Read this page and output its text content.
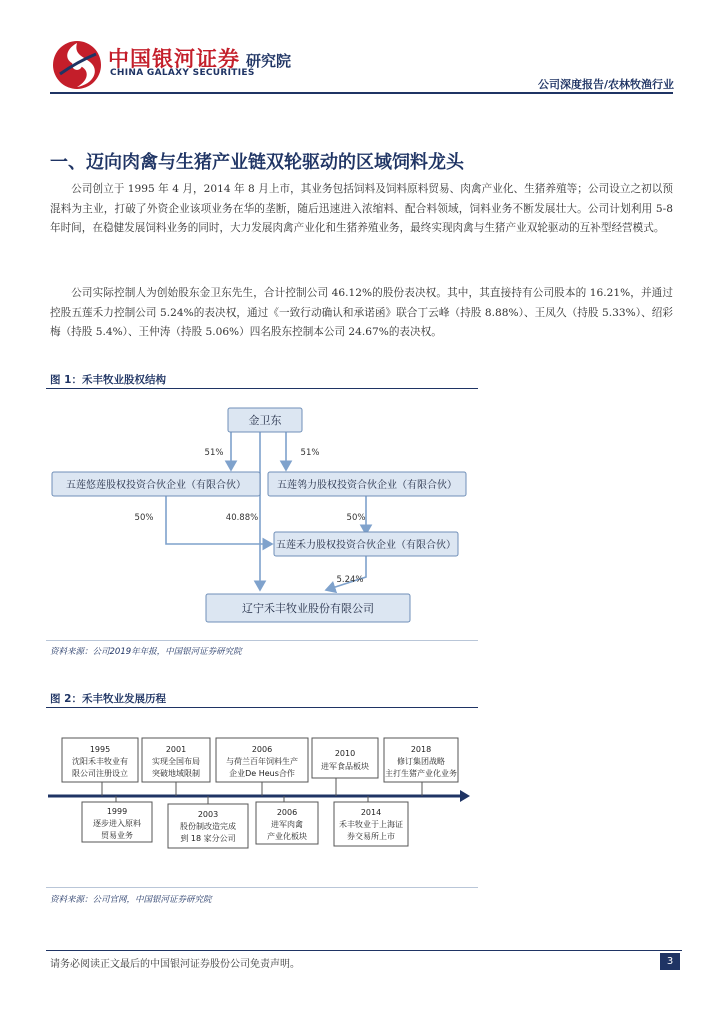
中国银河证券
CHINA GALAXY SECURITIES
研究院
公司深度报告/农林牧渔行业
一、迈向肉禽与生猪产业链双轮驱动的区域饲料龙头
公司创立于 1995 年 4 月，2014 年 8 月上市，其业务包括饲料及饲料原料贸易、肉禽产业化、生猪养殖等；公司设立之初以预混料为主业，打破了外资企业该项业务在华的垄断，随后迅速进入浓缩料、配合料领域，饲料业务不断发展壮大。公司计划利用 5-8 年时间，在稳健发展饲料业务的同时，大力发展肉禽产业化和生猪养殖业务，最终实现肉禽与生猪产业双轮驱动的互补型经营模式。
公司实际控制人为创始股东金卫东先生，合计控制公司 46.12%的股份表决权。其中，其直接持有公司股本的 16.21%，并通过控股五莲禾力控制公司 5.24%的表决权，通过《一致行动确认和承诺函》联合丁云峰（持股 8.88%）、王凤久（持股 5.33%）、绍彩梅（持股 5.4%）、王仲涛（持股 5.06%）四名股东控制本公司 24.67%的表决权。
图 1：禾丰牧业股权结构
金卫东
五莲悠莲股权投资合伙企业（有限合伙）	五莲鸰力股权投资合伙企业（有限合伙）
五莲禾力股权投资合伙企业（有限合伙）
辽宁禾丰牧业股份有限公司
51%	51%
50%	40.88%	50%
5.24%
资料来源：公司2019年年报，中国银河证券研究院
图 2：禾丰牧业发展历程
1995
沈阳禾丰牧业有
限公司注册设立
2001
实现全国布局
突破地域限制
2006
与荷兰百年饲料生产
企业De Heus合作
2010
进军食品板块
2018
修订集团战略
主打生猪产业化业务
1999
逐步进入原料
贸易业务
2003
股份制改造完成
到 18 家分公司
2006
进军肉禽
产业化板块
2014
禾丰牧业于上海证
券交易所上市
资料来源：公司官网，中国银河证券研究院
请务必阅读正文最后的中国银河证券股份公司免责声明。	3
